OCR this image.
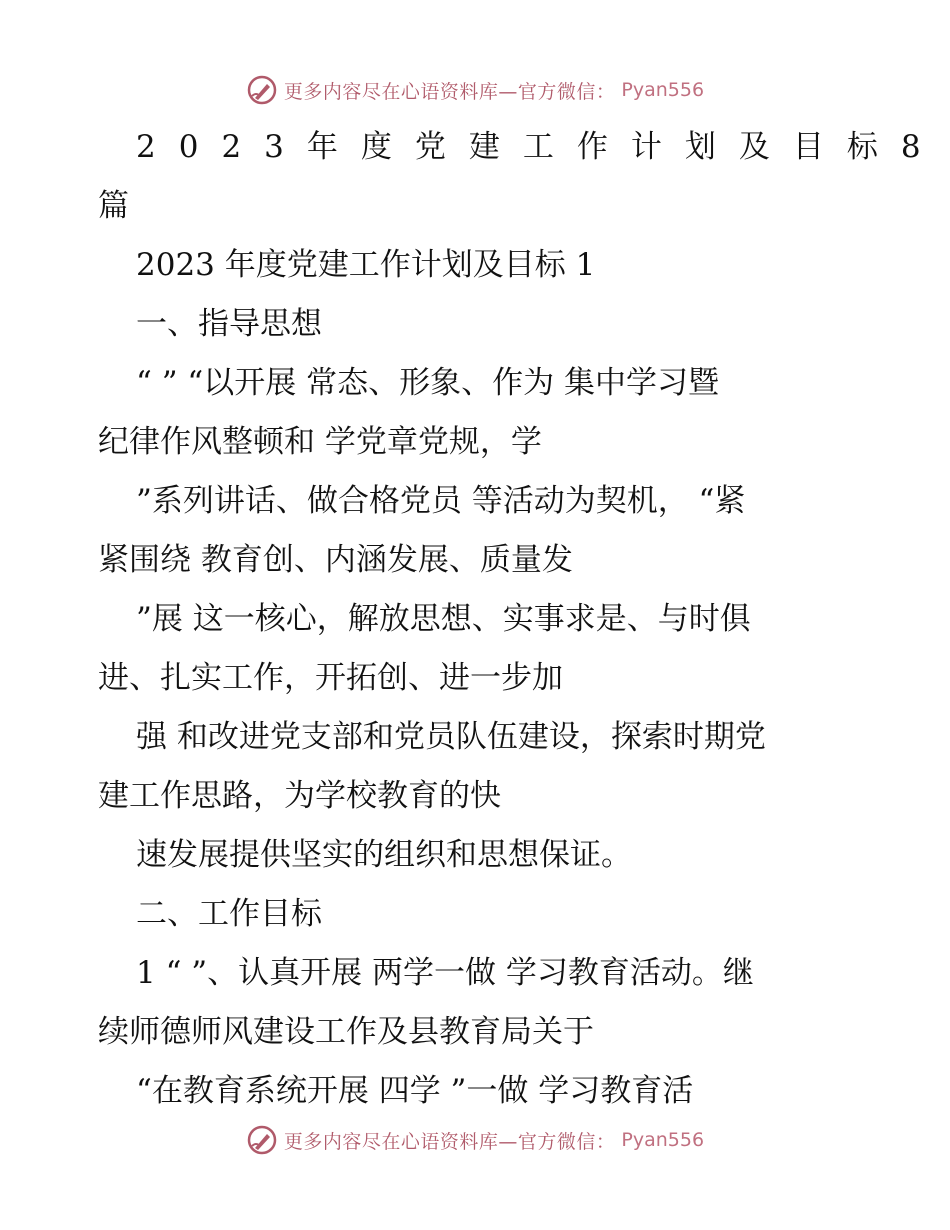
更多内容尽在心语资料库—官方微信： Pyan556
2023年度党建工作计划及目标8
篇
2023 年度党建工作计划及目标 1
一、指导思想
“ ” “以开展 常态、形象、作为 集中学习暨
纪律作风整顿和 学党章党规，学
”系列讲话、做合格党员 等活动为契机， “紧
紧围绕 教育创、内涵发展、质量发
”展 这一核心，解放思想、实事求是、与时俱
进、扎实工作，开拓创、进一步加
强 和改进党支部和党员队伍建设，探索时期党
建工作思路，为学校教育的快
速发展提供坚实的组织和思想保证。
二、工作目标
1 “ ”、认真开展 两学一做 学习教育活动。继
续师德师风建设工作及县教育局关于
“在教育系统开展 四学 ”一做 学习教育活
更多内容尽在心语资料库—官方微信： Pyan556
